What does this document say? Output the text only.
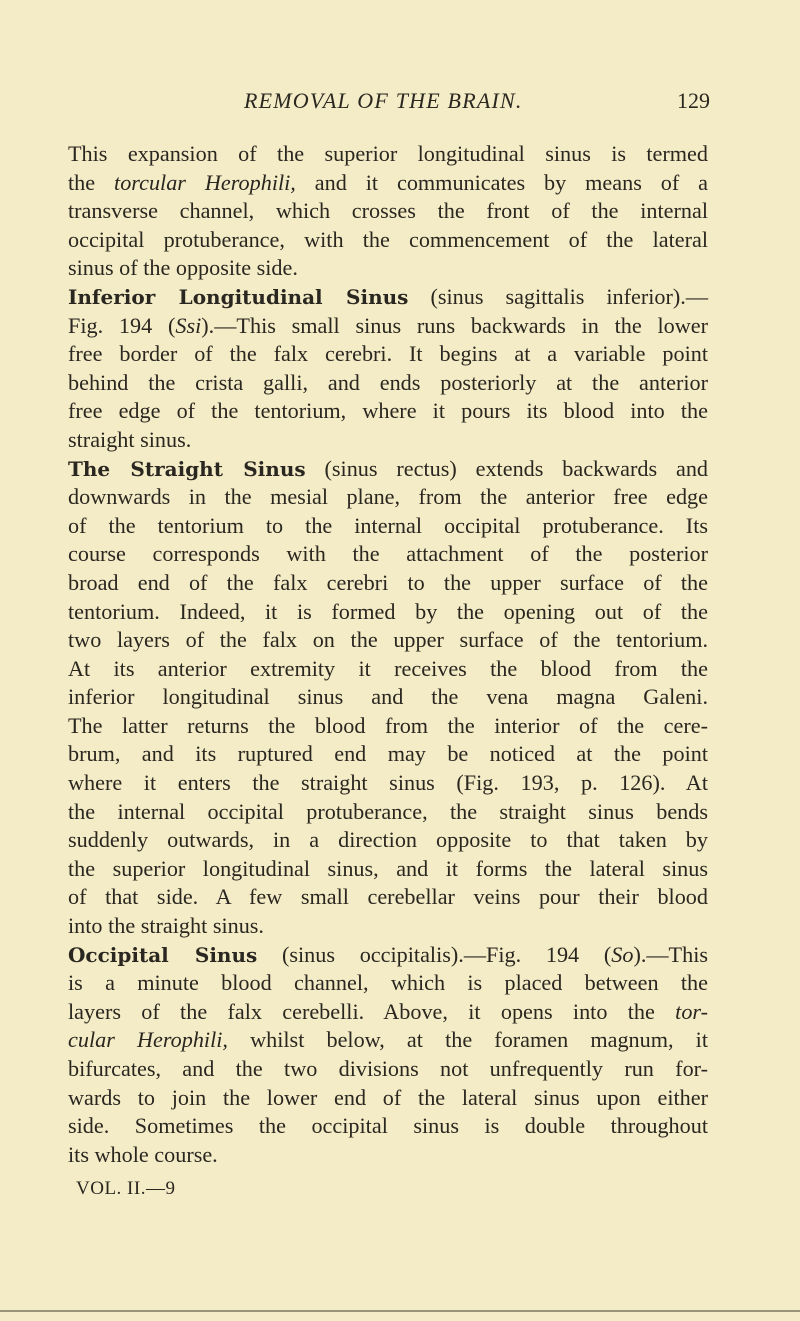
REMOVAL OF THE BRAIN.	129
This expansion of the superior longitudinal sinus is termed
the torcular Herophili, and it communicates by means of a
transverse channel, which crosses the front of the internal
occipital protuberance, with the commencement of the lateral
sinus of the opposite side.
Inferior Longitudinal Sinus (sinus sagittalis inferior).—
Fig. 194 (Ssi).—This small sinus runs backwards in the lower
free border of the falx cerebri. It begins at a variable point
behind the crista galli, and ends posteriorly at the anterior
free edge of the tentorium, where it pours its blood into the
straight sinus.
The Straight Sinus (sinus rectus) extends backwards and
downwards in the mesial plane, from the anterior free edge
of the tentorium to the internal occipital protuberance. Its
course corresponds with the attachment of the posterior
broad end of the falx cerebri to the upper surface of the
tentorium. Indeed, it is formed by the opening out of the
two layers of the falx on the upper surface of the tentorium.
At its anterior extremity it receives the blood from the
inferior longitudinal sinus and the vena magna Galeni.
The latter returns the blood from the interior of the cere-
brum, and its ruptured end may be noticed at the point
where it enters the straight sinus (Fig. 193, p. 126). At
the internal occipital protuberance, the straight sinus bends
suddenly outwards, in a direction opposite to that taken by
the superior longitudinal sinus, and it forms the lateral sinus
of that side. A few small cerebellar veins pour their blood
into the straight sinus.
Occipital Sinus (sinus occipitalis).—Fig. 194 (So).—This
is a minute blood channel, which is placed between the
layers of the falx cerebelli. Above, it opens into the tor-
cular Herophili, whilst below, at the foramen magnum, it
bifurcates, and the two divisions not unfrequently run for-
wards to join the lower end of the lateral sinus upon either
side. Sometimes the occipital sinus is double throughout
its whole course.
VOL. II.—9
